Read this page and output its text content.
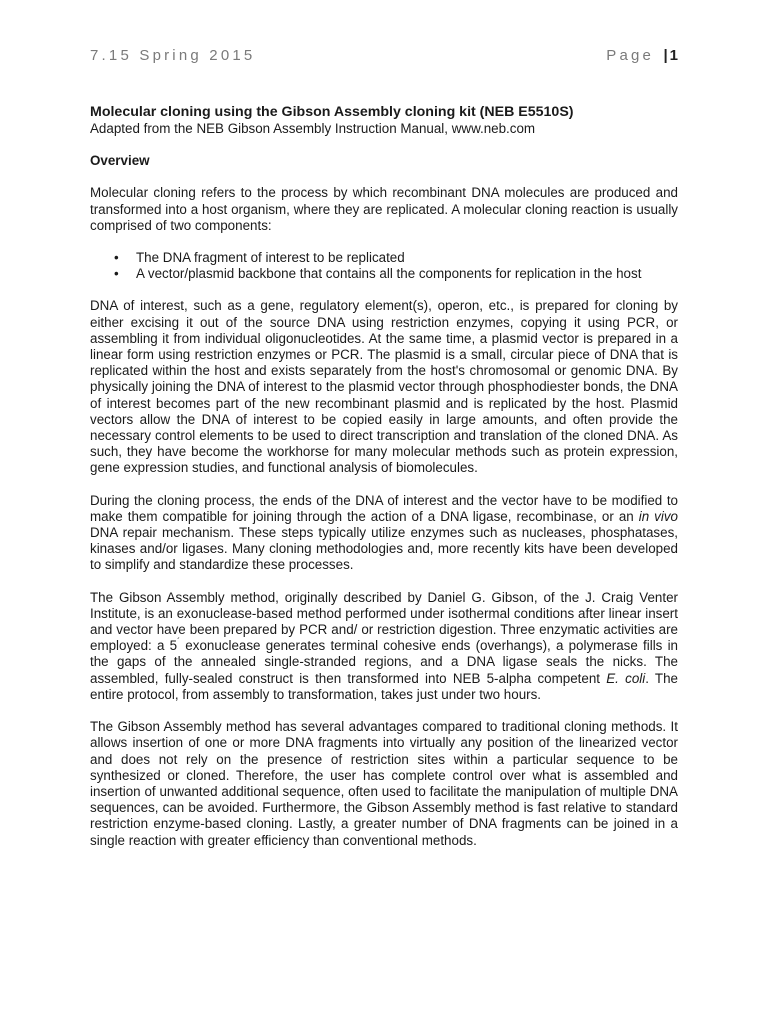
7.15 Spring 2015	Page | 1

Molecular cloning using the Gibson Assembly cloning kit (NEB E5510S)

Adapted from the NEB Gibson Assembly Instruction Manual, www.neb.com

Overview

Molecular cloning refers to the process by which recombinant DNA molecules are produced and transformed into a host organism, where they are replicated. A molecular cloning reaction is usually comprised of two components:

• The DNA fragment of interest to be replicated
• A vector/plasmid backbone that contains all the components for replication in the host

DNA of interest, such as a gene, regulatory element(s), operon, etc., is prepared for cloning by either excising it out of the source DNA using restriction enzymes, copying it using PCR, or assembling it from individual oligonucleotides. At the same time, a plasmid vector is prepared in a linear form using restriction enzymes or PCR. The plasmid is a small, circular piece of DNA that is replicated within the host and exists separately from the host's chromosomal or genomic DNA. By physically joining the DNA of interest to the plasmid vector through phosphodiester bonds, the DNA of interest becomes part of the new recombinant plasmid and is replicated by the host. Plasmid vectors allow the DNA of interest to be copied easily in large amounts, and often provide the necessary control elements to be used to direct transcription and translation of the cloned DNA. As such, they have become the workhorse for many molecular methods such as protein expression, gene expression studies, and functional analysis of biomolecules.

During the cloning process, the ends of the DNA of interest and the vector have to be modified to make them compatible for joining through the action of a DNA ligase, recombinase, or an in vivo DNA repair mechanism. These steps typically utilize enzymes such as nucleases, phosphatases, kinases and/or ligases. Many cloning methodologies and, more recently kits have been developed to simplify and standardize these processes.

The Gibson Assembly method, originally described by Daniel G. Gibson, of the J. Craig Venter Institute, is an exonuclease-based method performed under isothermal conditions after linear insert and vector have been prepared by PCR and/ or restriction digestion. Three enzymatic activities are employed: a 5´ exonuclease generates terminal cohesive ends (overhangs), a polymerase fills in the gaps of the annealed single-stranded regions, and a DNA ligase seals the nicks. The assembled, fully-sealed construct is then transformed into NEB 5-alpha competent E. coli. The entire protocol, from assembly to transformation, takes just under two hours.

The Gibson Assembly method has several advantages compared to traditional cloning methods. It allows insertion of one or more DNA fragments into virtually any position of the linearized vector and does not rely on the presence of restriction sites within a particular sequence to be synthesized or cloned. Therefore, the user has complete control over what is assembled and insertion of unwanted additional sequence, often used to facilitate the manipulation of multiple DNA sequences, can be avoided. Furthermore, the Gibson Assembly method is fast relative to standard restriction enzyme-based cloning. Lastly, a greater number of DNA fragments can be joined in a single reaction with greater efficiency than conventional methods.
